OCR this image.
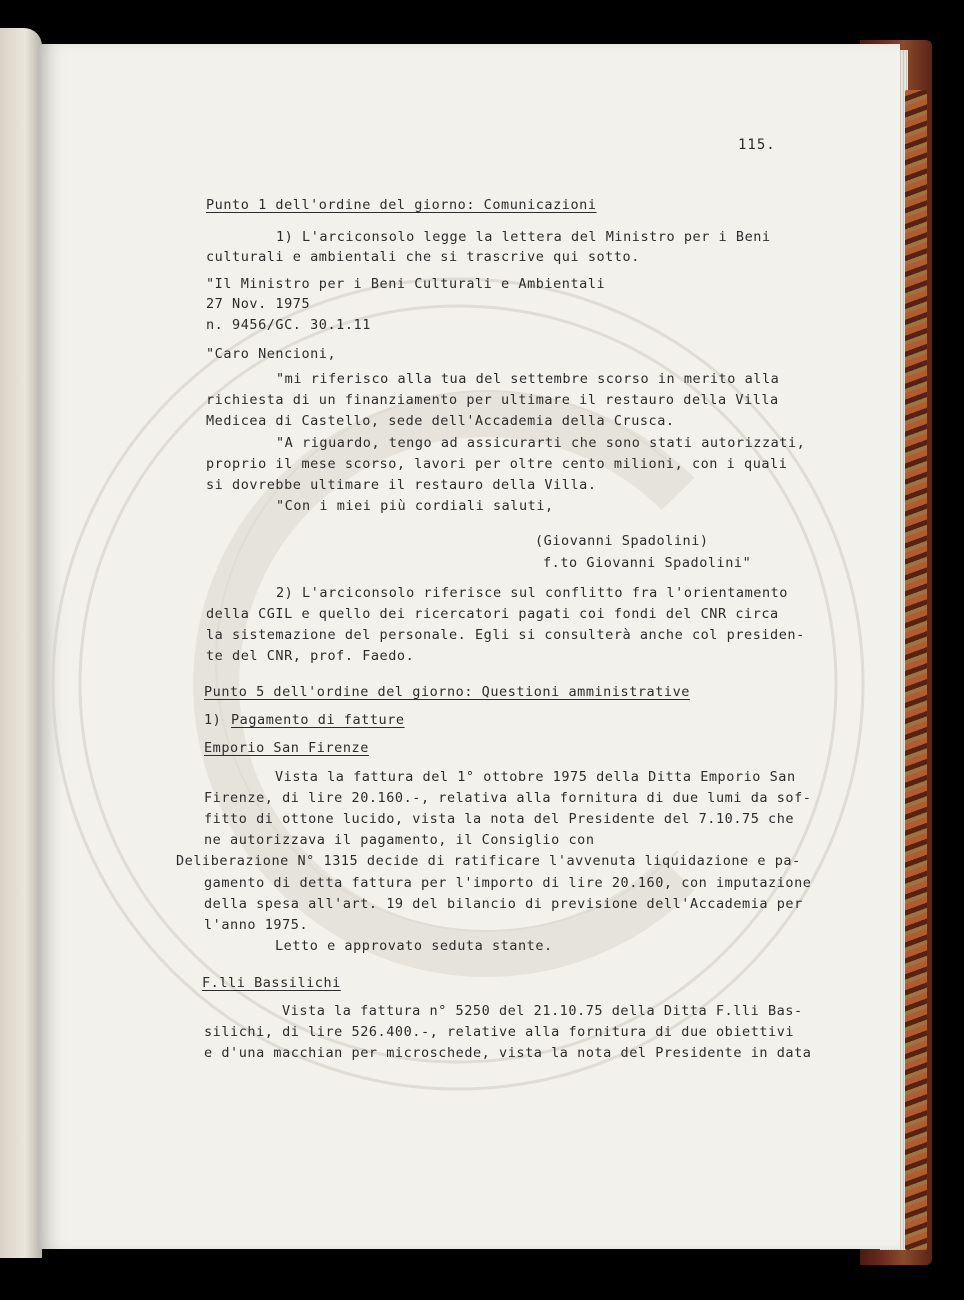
115.
Punto 1 dell'ordine del giorno: Comunicazioni
1) L'arciconsolo legge la lettera del Ministro per i Beni
culturali e ambientali che si trascrive qui sotto.
"Il Ministro per i Beni Culturali e Ambientali
27 Nov. 1975
n. 9456/GC. 30.1.11
"Caro Nencioni,
"mi riferisco alla tua del settembre scorso in merito alla
richiesta di un finanziamento per ultimare il restauro della Villa
Medicea di Castello, sede dell'Accademia della Crusca.
"A riguardo, tengo ad assicurarti che sono stati autorizzati,
proprio il mese scorso, lavori per oltre cento milioni, con i quali
si dovrebbe ultimare il restauro della Villa.
"Con i miei più cordiali saluti,
(Giovanni Spadolini)
f.to Giovanni Spadolini"
2) L'arciconsolo riferisce sul conflitto fra l'orientamento
della CGIL e quello dei ricercatori pagati coi fondi del CNR circa
la sistemazione del personale. Egli si consulterà anche col presiden-
te del CNR, prof. Faedo.
Punto 5 dell'ordine del giorno: Questioni amministrative
1) Pagamento di fatture
Emporio San Firenze
Vista la fattura del 1° ottobre 1975 della Ditta Emporio San
Firenze, di lire 20.160.-, relativa alla fornitura di due lumi da sof-
fitto di ottone lucido, vista la nota del Presidente del 7.10.75 che
ne autorizzava il pagamento, il Consiglio con
Deliberazione N° 1315 decide di ratificare l'avvenuta liquidazione e pa-
gamento di detta fattura per l'importo di lire 20.160, con imputazione
della spesa all'art. 19 del bilancio di previsione dell'Accademia per
l'anno 1975.
Letto e approvato seduta stante.
F.lli Bassilichi
Vista la fattura n° 5250 del 21.10.75 della Ditta F.lli Bas-
silichi, di lire 526.400.-, relative alla fornitura di due obiettivi
e d'una macchian per microschede, vista la nota del Presidente in data
